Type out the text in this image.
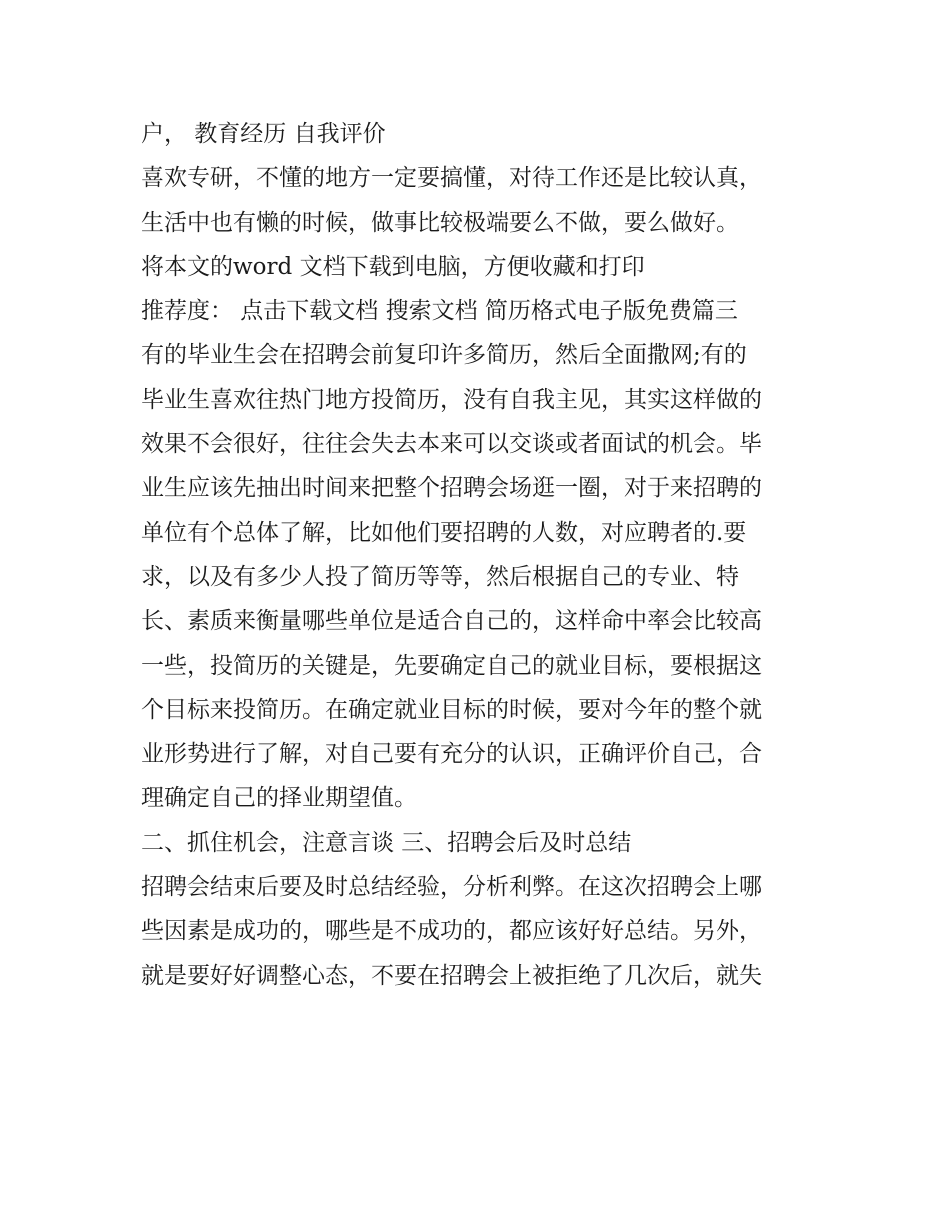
户， 教育经历 自我评价
喜欢专研，不懂的地方一定要搞懂，对待工作还是比较认真，
生活中也有懒的时候，做事比较极端要么不做，要么做好。
将本文的word 文档下载到电脑，方便收藏和打印
推荐度： 点击下载文档 搜索文档 简历格式电子版免费篇三
有的毕业生会在招聘会前复印许多简历，然后全面撒网;有的
毕业生喜欢往热门地方投简历，没有自我主见，其实这样做的
效果不会很好，往往会失去本来可以交谈或者面试的机会。毕
业生应该先抽出时间来把整个招聘会场逛一圈，对于来招聘的
单位有个总体了解，比如他们要招聘的人数，对应聘者的.要
求，以及有多少人投了简历等等，然后根据自己的专业、特
长、素质来衡量哪些单位是适合自己的，这样命中率会比较高
一些，投简历的关键是，先要确定自己的就业目标，要根据这
个目标来投简历。在确定就业目标的时候，要对今年的整个就
业形势进行了解，对自己要有充分的认识，正确评价自己，合
理确定自己的择业期望值。
二、抓住机会，注意言谈 三、招聘会后及时总结
招聘会结束后要及时总结经验，分析利弊。在这次招聘会上哪
些因素是成功的，哪些是不成功的，都应该好好总结。另外，
就是要好好调整心态，不要在招聘会上被拒绝了几次后，就失
